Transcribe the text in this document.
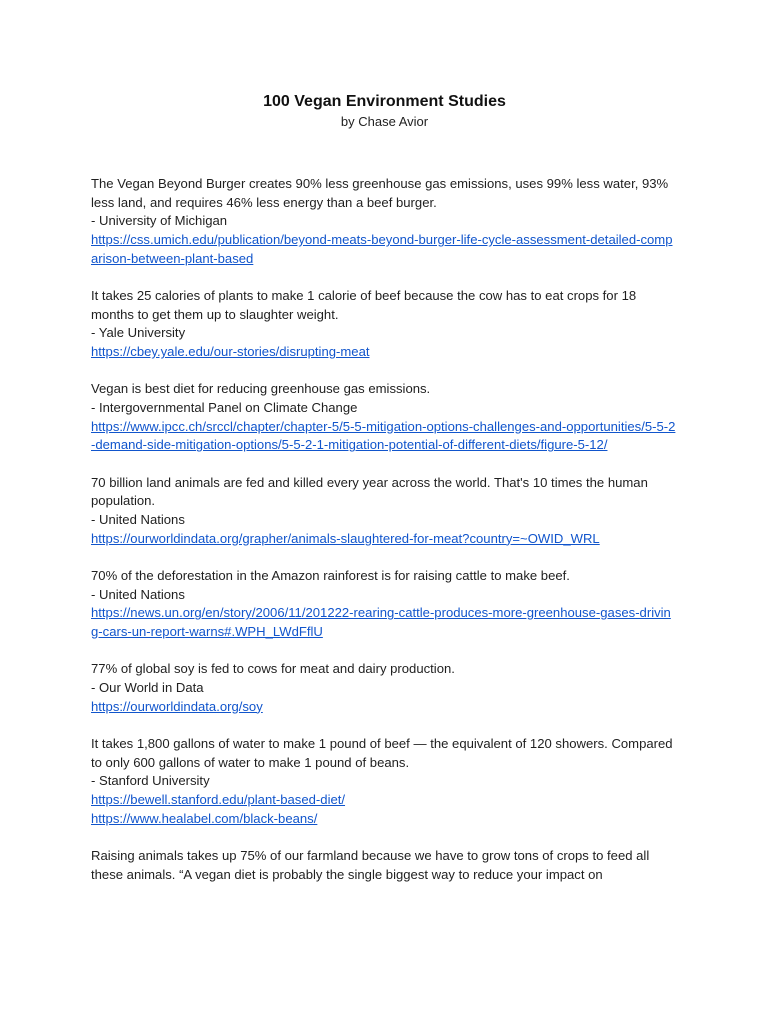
100 Vegan Environment Studies
by Chase Avior
The Vegan Beyond Burger creates 90% less greenhouse gas emissions, uses 99% less water, 93% less land, and requires 46% less energy than a beef burger.
- University of Michigan
https://css.umich.edu/publication/beyond-meats-beyond-burger-life-cycle-assessment-detailed-comparison-between-plant-based
It takes 25 calories of plants to make 1 calorie of beef because the cow has to eat crops for 18 months to get them up to slaughter weight.
- Yale University
https://cbey.yale.edu/our-stories/disrupting-meat
Vegan is best diet for reducing greenhouse gas emissions.
- Intergovernmental Panel on Climate Change
https://www.ipcc.ch/srccl/chapter/chapter-5/5-5-mitigation-options-challenges-and-opportunities/5-5-2-demand-side-mitigation-options/5-5-2-1-mitigation-potential-of-different-diets/figure-5-12/
70 billion land animals are fed and killed every year across the world. That's 10 times the human population.
- United Nations
https://ourworldindata.org/grapher/animals-slaughtered-for-meat?country=~OWID_WRL
70% of the deforestation in the Amazon rainforest is for raising cattle to make beef.
- United Nations
https://news.un.org/en/story/2006/11/201222-rearing-cattle-produces-more-greenhouse-gases-driving-cars-un-report-warns#.WPH_LWdFflU
77% of global soy is fed to cows for meat and dairy production.
- Our World in Data
https://ourworldindata.org/soy
It takes 1,800 gallons of water to make 1 pound of beef — the equivalent of 120 showers. Compared to only 600 gallons of water to make 1 pound of beans.
- Stanford University
https://bewell.stanford.edu/plant-based-diet/
https://www.healabel.com/black-beans/
Raising animals takes up 75% of our farmland because we have to grow tons of crops to feed all these animals. “A vegan diet is probably the single biggest way to reduce your impact on
